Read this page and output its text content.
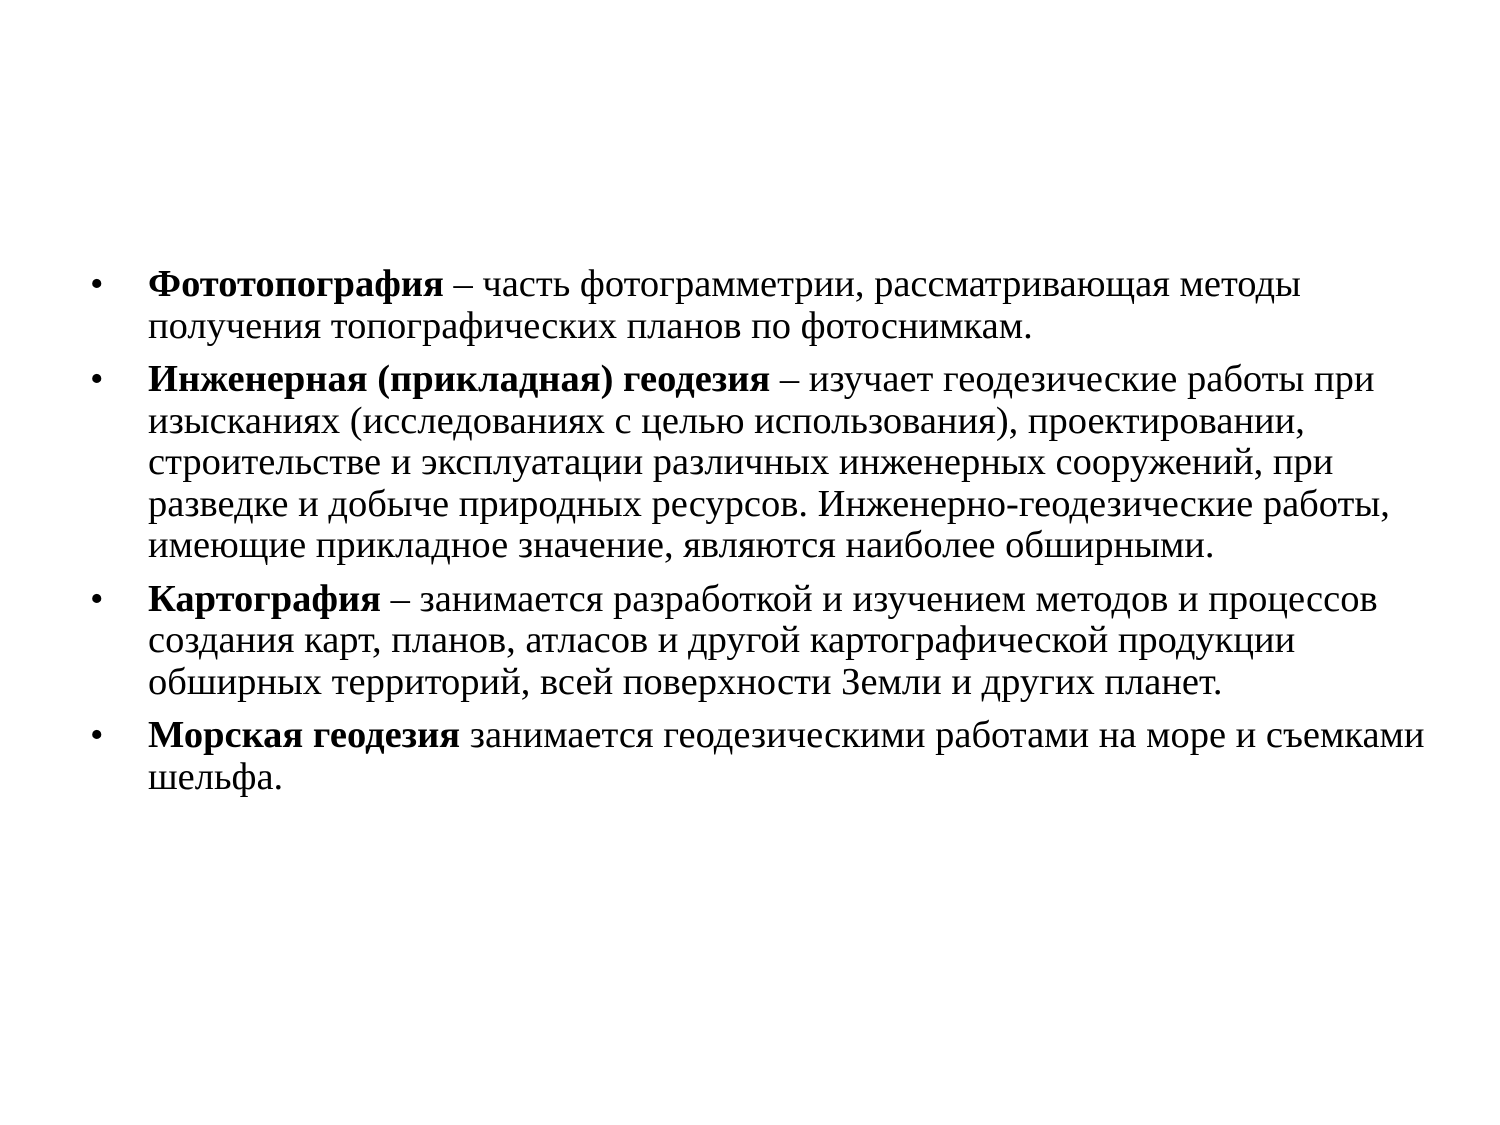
•	Фототопография – часть фотограмметрии, рассматривающая методы получения топографических планов по фотоснимкам.
•	Инженерная (прикладная) геодезия – изучает геодезические работы при изысканиях (исследованиях с целью использования), проектировании, строительстве и эксплуатации различных инженерных сооружений, при разведке и добыче природных ресурсов. Инженерно-геодезические работы, имеющие прикладное значение, являются наиболее обширными.
•	Картография – занимается разработкой и изучением методов и процессов создания карт, планов, атласов и другой картографической продукции обширных территорий, всей поверхности Земли и других планет.
•	Морская геодезия занимается геодезическими работами на море и съемками шельфа.
